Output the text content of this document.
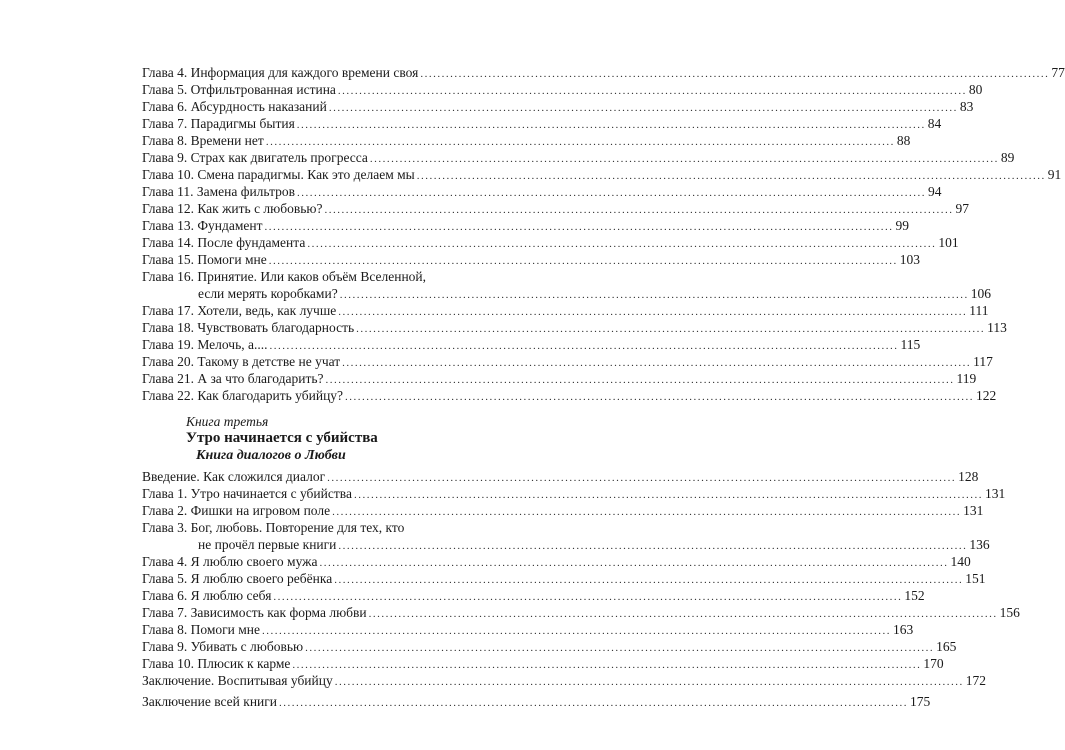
Глава 4. Информация для каждого времени своя .....	77
Глава 5. Отфильтрованная истина .....	80
Глава 6. Абсурдность наказаний .....	83
Глава 7. Парадигмы бытия .....	84
Глава 8. Времени нет .....	88
Глава 9. Страх как двигатель прогресса .....	89
Глава 10. Смена парадигмы. Как это делаем мы .....	91
Глава 11. Замена фильтров .....	94
Глава 12. Как жить с любовью? .....	97
Глава 13. Фундамент .....	99
Глава 14. После фундамента .....	101
Глава 15. Помоги мне .....	103
Глава 16. Принятие. Или каков объём Вселенной,
если мерять коробками? .....	106
Глава 17. Хотели, ведь, как лучше .....	111
Глава 18. Чувствовать благодарность .....	113
Глава 19. Мелочь, а.... .....	115
Глава 20. Такому в детстве не учат .....	117
Глава 21. А за что благодарить? .....	119
Глава 22. Как благодарить убийцу? .....	122
Книга третья
Утро начинается с убийства
Книга диалогов о Любви
Введение. Как сложился диалог .....	128
Глава 1. Утро начинается с убийства .....	131
Глава 2. Фишки на игровом поле .....	131
Глава 3. Бог, любовь. Повторение для тех, кто
не прочёл первые книги .....	136
Глава 4. Я люблю своего мужа .....	140
Глава 5. Я люблю своего ребёнка .....	151
Глава 6. Я люблю себя .....	152
Глава 7. Зависимость как форма любви .....	156
Глава 8. Помоги мне .....	163
Глава 9. Убивать с любовью .....	165
Глава 10. Плюсик к карме .....	170
Заключение. Воспитывая убийцу .....	172
Заключение всей книги .....	175
